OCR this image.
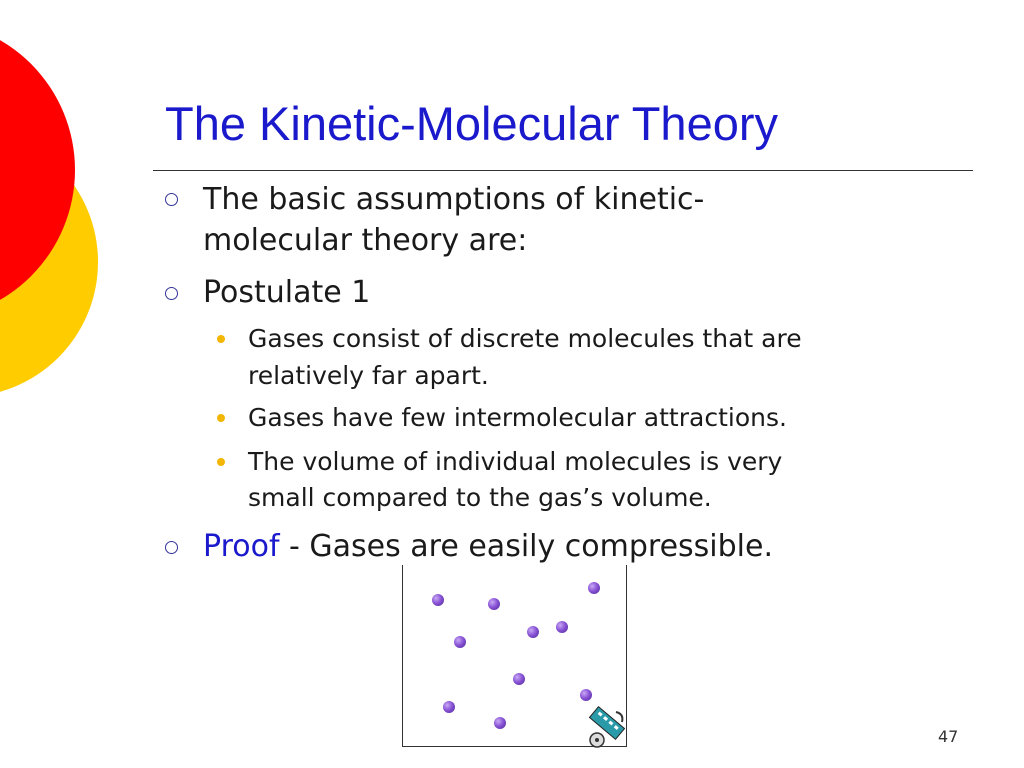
The Kinetic-Molecular Theory
The basic assumptions of kinetic-
molecular theory are:
Postulate 1
Gases consist of discrete molecules that are
relatively far apart.
Gases have few intermolecular attractions.
The volume of individual molecules is very
small compared to the gas’s volume.
Proof - Gases are easily compressible.
47
